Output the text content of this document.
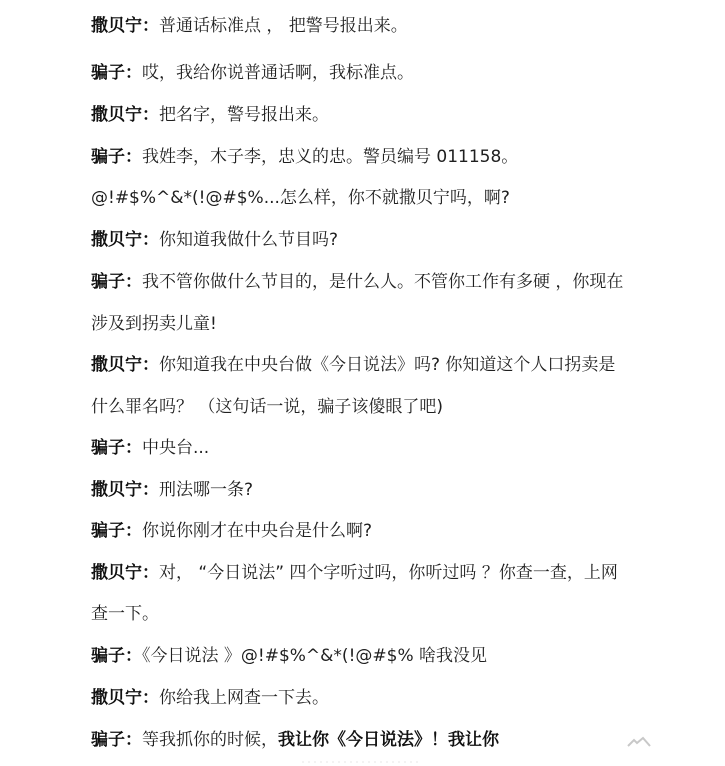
撒贝宁：普通话标准点 ， 把警号报出来。
骗子：哎，我给你说普通话啊，我标准点。
撒贝宁：把名字，警号报出来。
骗子：我姓李，木子李，忠义的忠。警员编号 011158。
@!#$%^&*(!@#$%...怎么样，你不就撒贝宁吗，啊?
撒贝宁：你知道我做什么节目吗?
骗子：我不管你做什么节目的，是什么人。不管你工作有多硬 ，你现在
涉及到拐卖儿童!
撒贝宁：你知道我在中央台做《今日说法》吗? 你知道这个人口拐卖是
什么罪名吗？ （这句话一说，骗子该傻眼了吧)
骗子：中央台...
撒贝宁：刑法哪一条?
骗子：你说你刚才在中央台是什么啊?
撒贝宁：对， “今日说法” 四个字听过吗，你听过吗 ？你查一查，上网
查一下。
骗子：《今日说法 》@!#$%^&*(!@#$% 啥我没见
撒贝宁：你给我上网查一下去。
骗子：等我抓你的时候，我让你《今日说法》！我让你
